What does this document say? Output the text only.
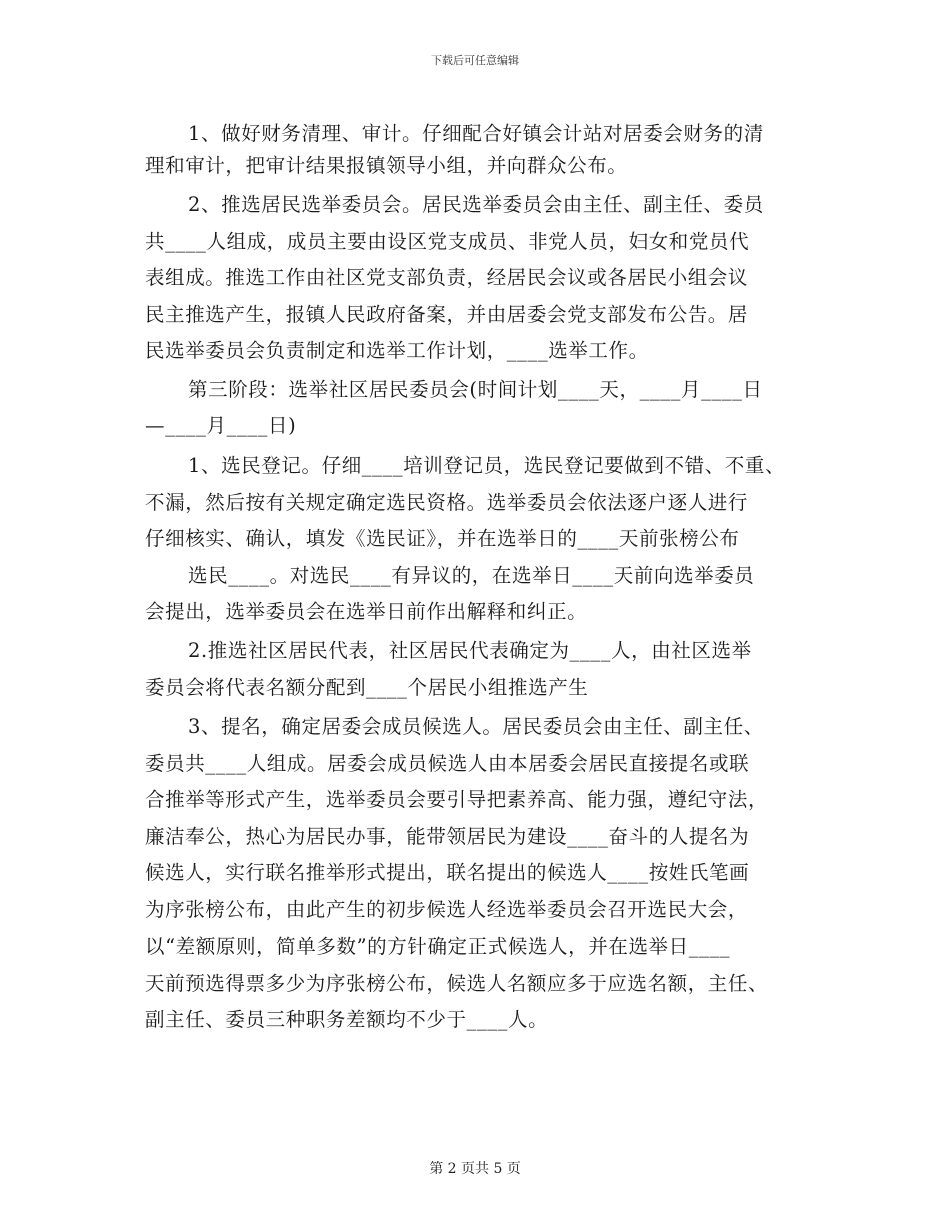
下载后可任意编辑
1、做好财务清理、审计。仔细配合好镇会计站对居委会财务的清
理和审计，把审计结果报镇领导小组，并向群众公布。
2、推选居民选举委员会。居民选举委员会由主任、副主任、委员
共____人组成，成员主要由设区党支成员、非党人员，妇女和党员代
表组成。推选工作由社区党支部负责，经居民会议或各居民小组会议
民主推选产生，报镇人民政府备案，并由居委会党支部发布公告。居
民选举委员会负责制定和选举工作计划，____选举工作。
第三阶段：选举社区居民委员会(时间计划____天，____月____日
—____月____日)
1、选民登记。仔细____培训登记员，选民登记要做到不错、不重、
不漏，然后按有关规定确定选民资格。选举委员会依法逐户逐人进行
仔细核实、确认，填发《选民证》，并在选举日的____天前张榜公布
选民____。对选民____有异议的，在选举日____天前向选举委员
会提出，选举委员会在选举日前作出解释和纠正。
2.推选社区居民代表，社区居民代表确定为____人，由社区选举
委员会将代表名额分配到____个居民小组推选产生
3、提名，确定居委会成员候选人。居民委员会由主任、副主任、
委员共____人组成。居委会成员候选人由本居委会居民直接提名或联
合推举等形式产生，选举委员会要引导把素养高、能力强，遵纪守法，
廉洁奉公，热心为居民办事，能带领居民为建设____奋斗的人提名为
候选人，实行联名推举形式提出，联名提出的候选人____按姓氏笔画
为序张榜公布，由此产生的初步候选人经选举委员会召开选民大会，
以“差额原则，简单多数”的方针确定正式候选人，并在选举日____
天前预选得票多少为序张榜公布，候选人名额应多于应选名额，主任、
副主任、委员三种职务差额均不少于____人。
第 2 页共 5 页
